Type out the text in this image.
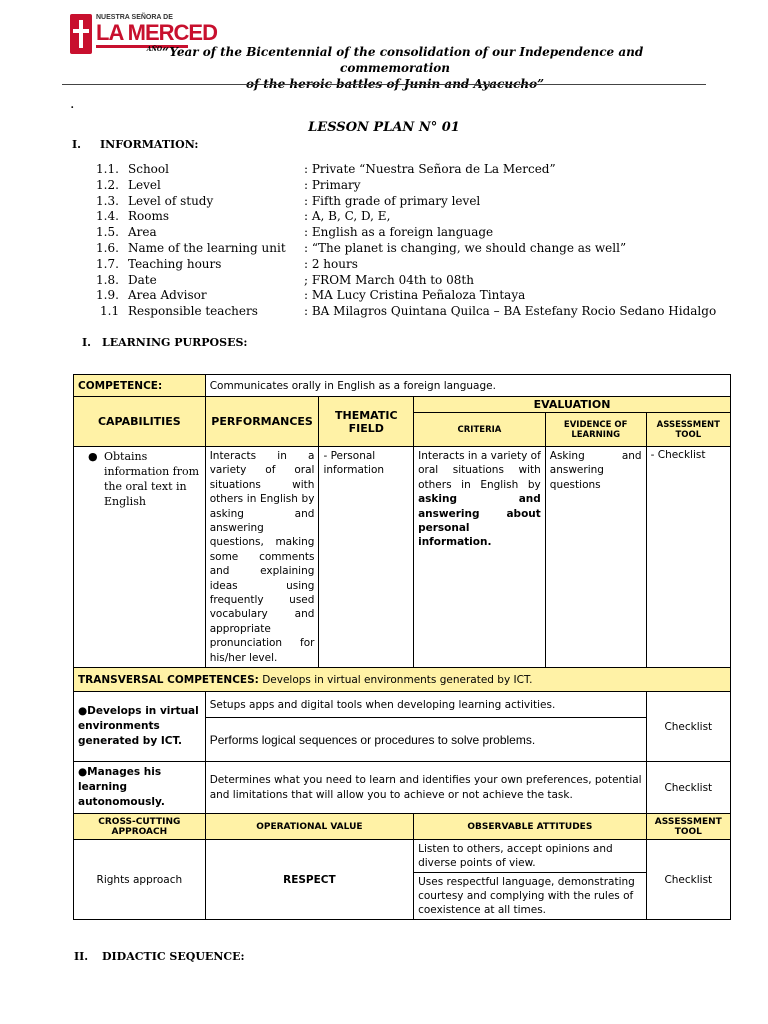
NUESTRA SEÑORA DE
LA MERCED
$^{AÑO}$“Year of the Bicentennial of the consolidation of our Independence and commemoration
of the heroic battles of Junin and Ayacucho”
.
LESSON PLAN N° 01
I. INFORMATION:
1.1. School	: Private “Nuestra Señora de La Merced”
1.2. Level	: Primary
1.3. Level of study	: Fifth grade of primary level
1.4. Rooms	: A, B, C, D, E,
1.5. Area	: English as a foreign language
1.6. Name of the learning unit : “The planet is changing, we should change as well”
1.7. Teaching hours	: 2 hours
1.8. Date	; FROM March 04th to 08th
1.9. Area Advisor	: MA Lucy Cristina Peñaloza Tintaya
1.1 Responsible teachers	: BA Milagros Quintana Quilca – BA Estefany Rocio Sedano Hidalgo
I. LEARNING PURPOSES:
COMPETENCE:	Communicates orally in English as a foreign language.				
CAPABILITIES	PERFORMANCES	THEMATIC FIELD	EVALUATION		
			CRITERIA	EVIDENCE OF LEARNING	ASSESSMENT TOOL

● Obtains information from the oral text in English	Interacts in a variety of oral situations with others in English by asking and answering questions, making some comments and explaining ideas using frequently used vocabulary and appropriate pronunciation for his/her level.	- Personal information	Interacts in a variety of oral situations with others in English by asking and answering about personal information.	Asking and answering questions	- Checklist
TRANSVERSAL COMPETENCES: Develops in virtual environments generated by ICT.					
●Develops in virtual environments generated by ICT.	Setups apps and digital tools when developing learning activities.				Checklist
	Performs logical sequences or procedures to solve problems.				
●Manages his learning autonomously.	Determines what you need to learn and identifies your own preferences, potential and limitations that will allow you to achieve or not achieve the task.				Checklist
CROSS-CUTTING APPROACH	OPERATIONAL VALUE		OBSERVABLE ATTITUDES		ASSESSMENT TOOL
Rights approach	RESPECT		Listen to others, accept opinions and diverse points of view.		Checklist
			Uses respectful language, demonstrating courtesy and complying with the rules of coexistence at all times.		
II. DIDACTIC SEQUENCE:
